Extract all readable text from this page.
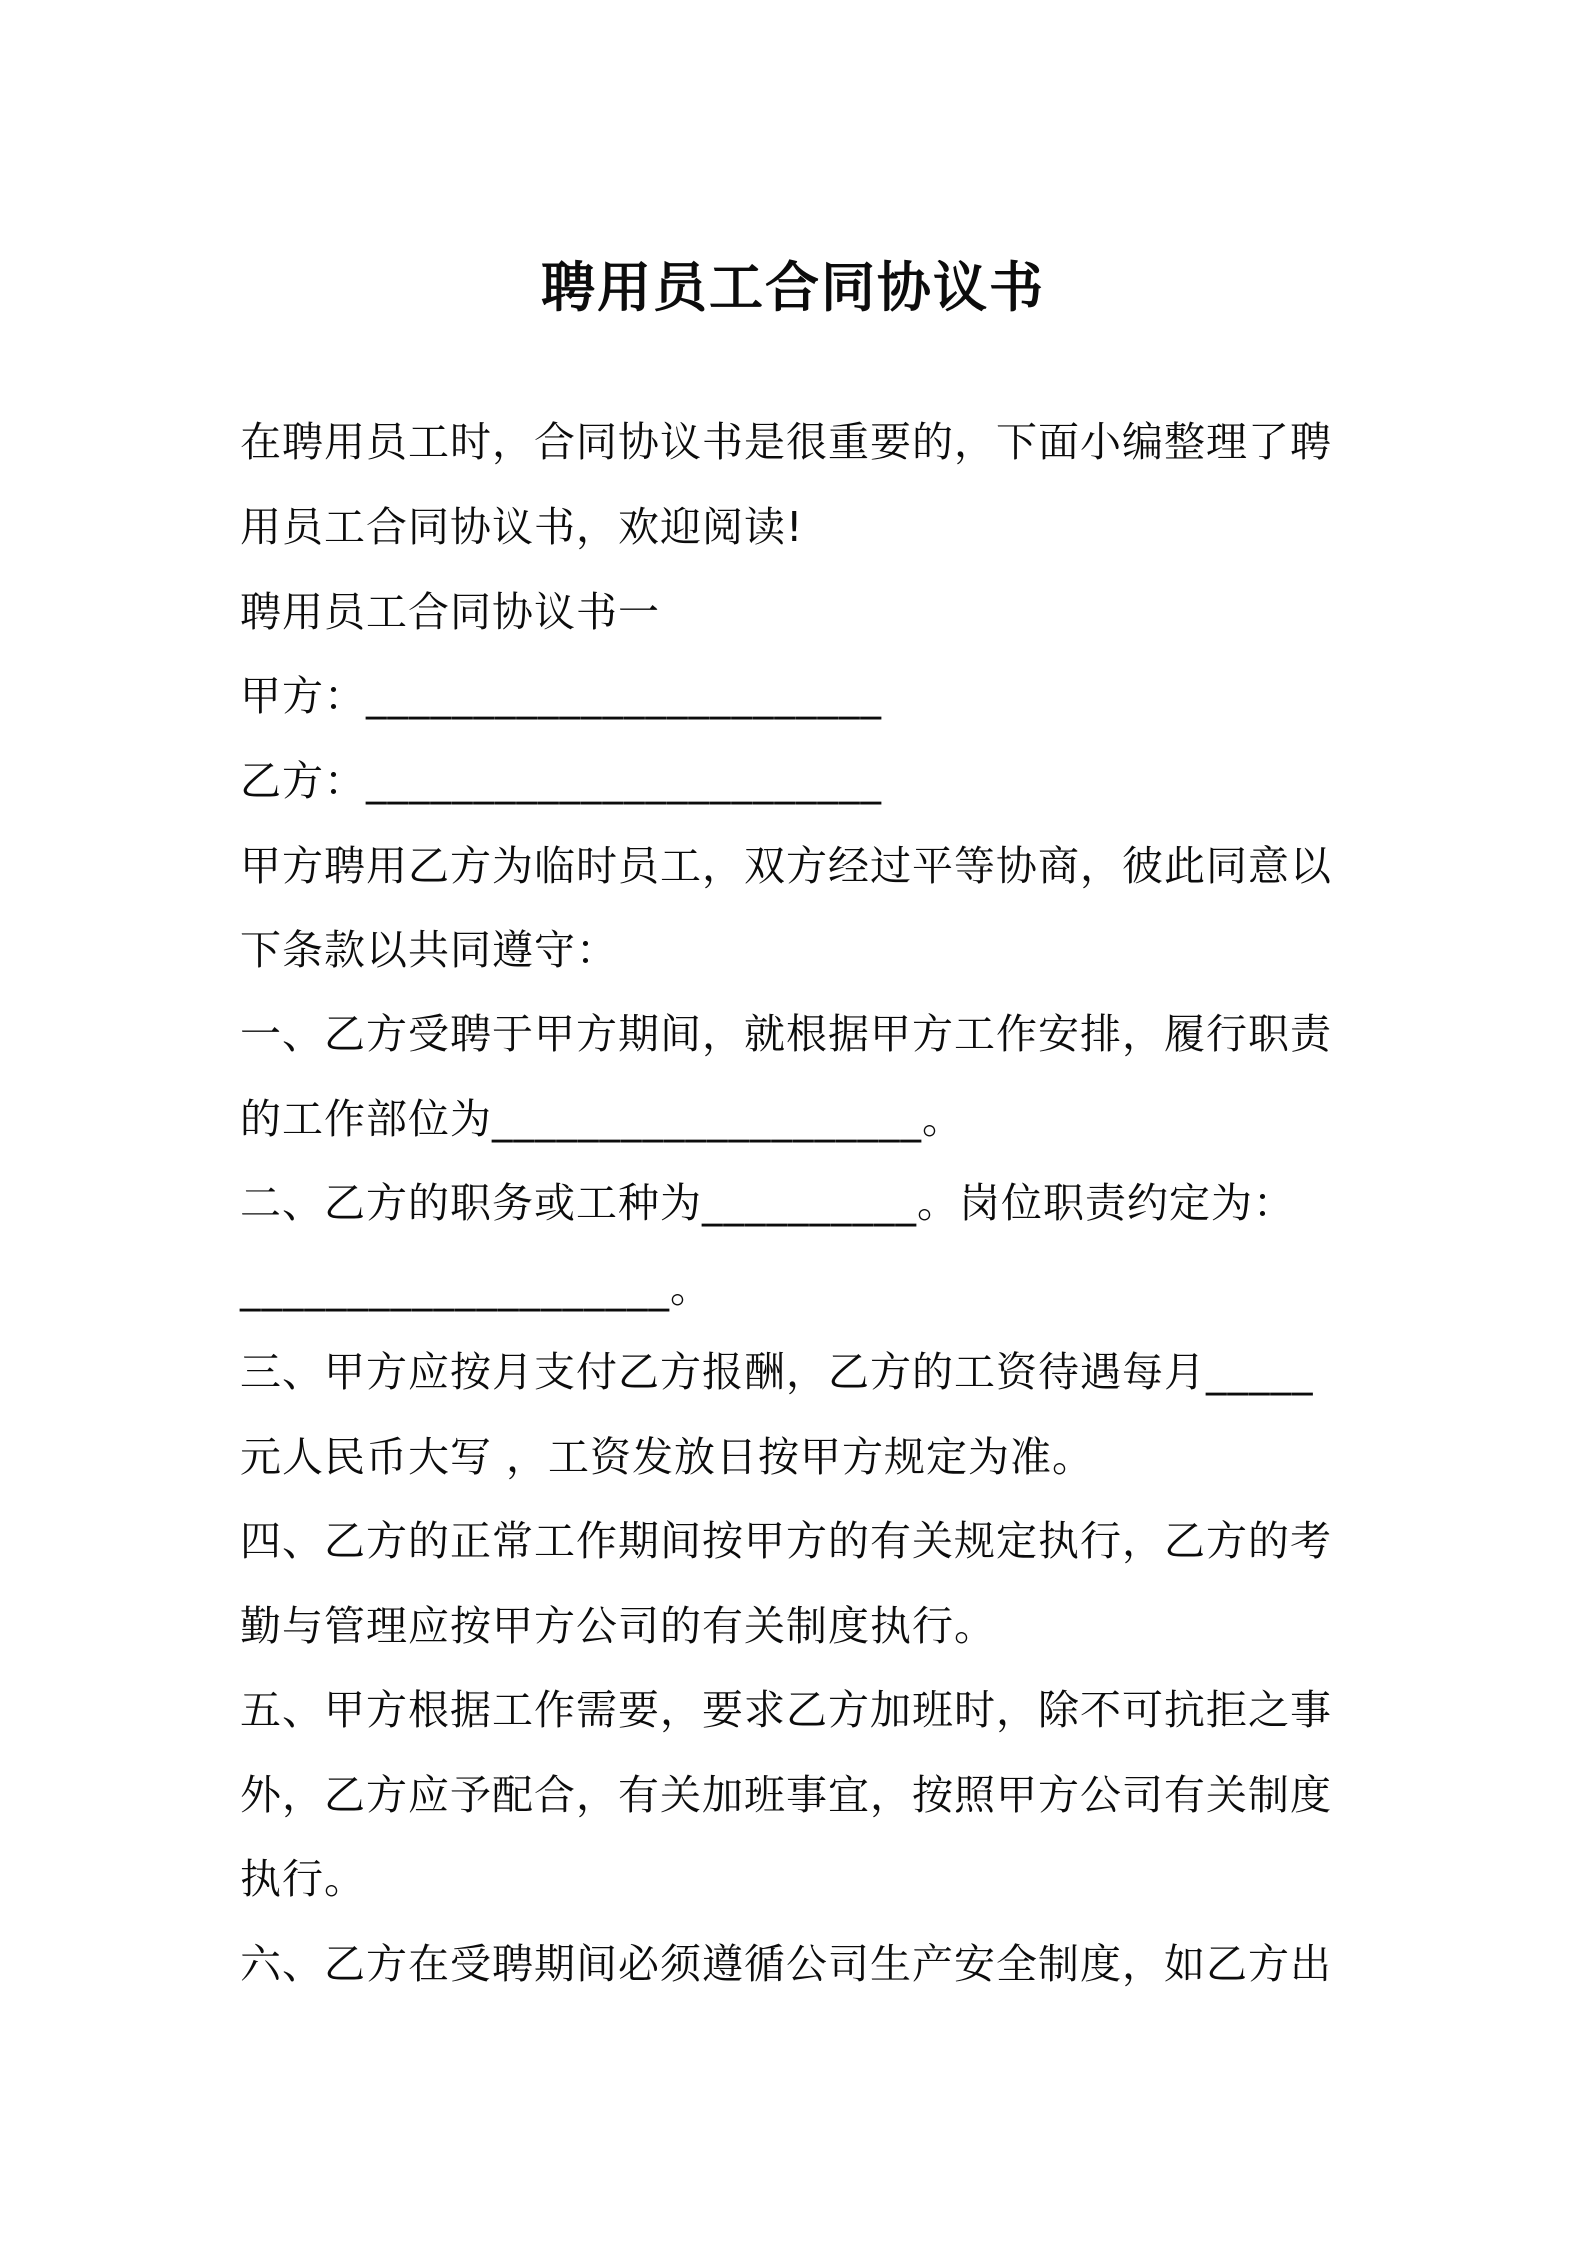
聘用员工合同协议书

在聘用员工时，合同协议书是很重要的，下面小编整理了聘

用员工合同协议书，欢迎阅读!

聘用员工合同协议书一

甲方：________________________

乙方：________________________

甲方聘用乙方为临时员工，双方经过平等协商，彼此同意以

下条款以共同遵守：

一、乙方受聘于甲方期间，就根据甲方工作安排，履行职责

的工作部位为____________________。

二、乙方的职务或工种为__________。岗位职责约定为：

____________________。

三、甲方应按月支付乙方报酬，乙方的工资待遇每月_____

元人民币大写 ，工资发放日按甲方规定为准。

四、乙方的正常工作期间按甲方的有关规定执行，乙方的考

勤与管理应按甲方公司的有关制度执行。

五、甲方根据工作需要，要求乙方加班时，除不可抗拒之事

外，乙方应予配合，有关加班事宜，按照甲方公司有关制度

执行。

六、乙方在受聘期间必须遵循公司生产安全制度，如乙方出
